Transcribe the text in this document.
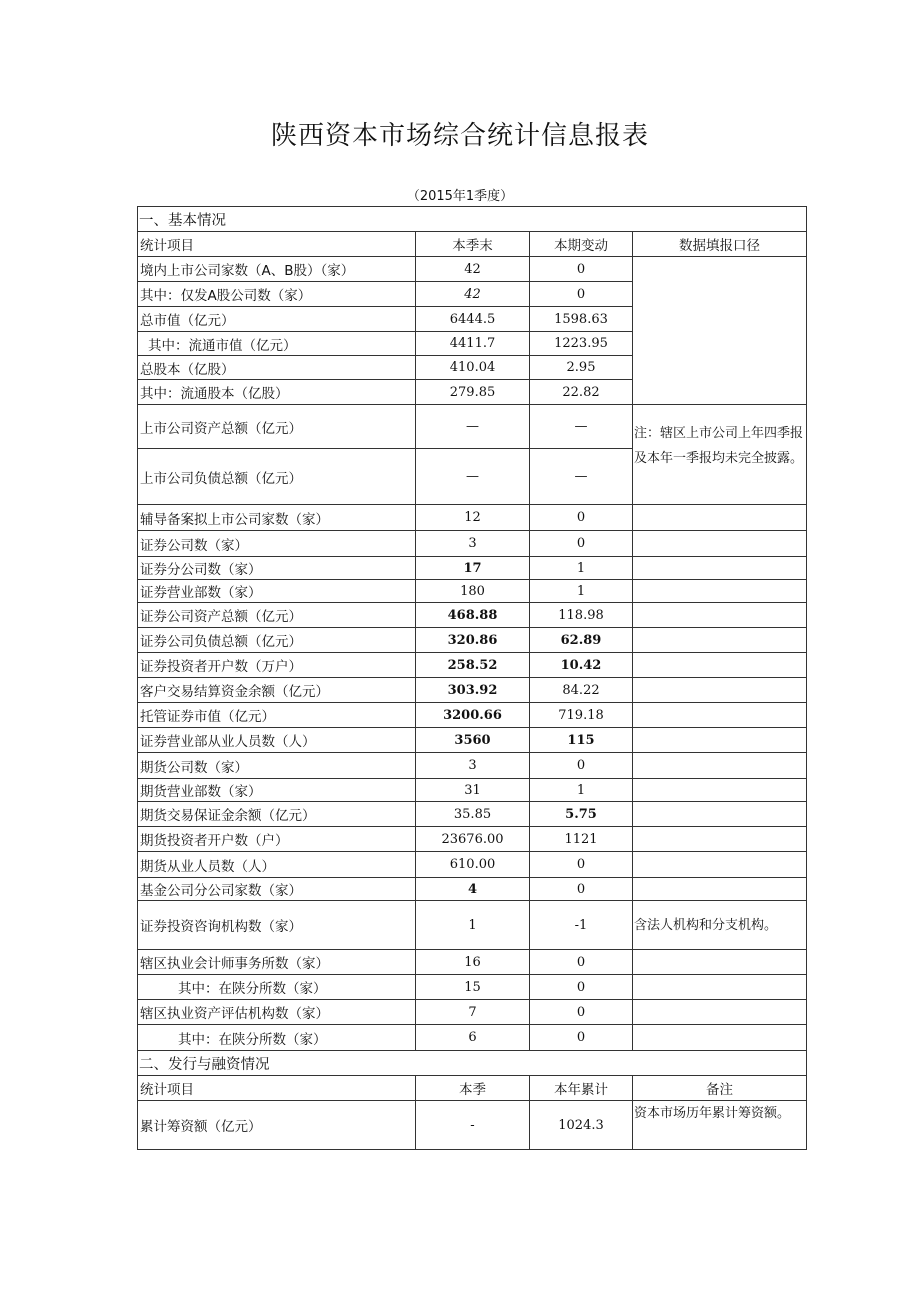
陕西资本市场综合统计信息报表
（2015年1季度）
一、基本情况			
统计项目	本季末	本期变动	数据填报口径
境内上市公司家数（A、B股）（家）	42	0	
其中：仅发A股公司数（家）	42	0	
总市值（亿元）	6444.5	1598.63	
其中：流通市值（亿元）	4411.7	1223.95	
总股本（亿股）	410.04	2.95	
其中：流通股本（亿股）	279.85	22.82	
上市公司资产总额（亿元）	—	—	注：辖区上市公司上年四季报及本年一季报均未完全披露。
上市公司负债总额（亿元）	—	—	
辅导备案拟上市公司家数（家）	12	0	
证券公司数（家）	3	0	
证券分公司数（家）	17	1	
证券营业部数（家）	180	1	
证券公司资产总额（亿元）	468.88	118.98	
证券公司负债总额（亿元）	320.86	62.89	
证券投资者开户数（万户）	258.52	10.42	
客户交易结算资金余额（亿元）	303.92	84.22	
托管证券市值（亿元）	3200.66	719.18	
证券营业部从业人员数（人）	3560	115	
期货公司数（家）	3	0	
期货营业部数（家）	31	1	
期货交易保证金余额（亿元）	35.85	5.75	
期货投资者开户数（户）	23676.00	1121	
期货从业人员数（人）	610.00	0	
基金公司分公司家数（家）	4	0	
证券投资咨询机构数（家）	1	-1	含法人机构和分支机构。
辖区执业会计师事务所数（家）	16	0	
其中：在陕分所数（家）	15	0	
辖区执业资产评估机构数（家）	7	0	
其中：在陕分所数（家）	6	0	
二、发行与融资情况			
统计项目	本季	本年累计	备注
累计筹资额（亿元）	-	1024.3	资本市场历年累计筹资额。
